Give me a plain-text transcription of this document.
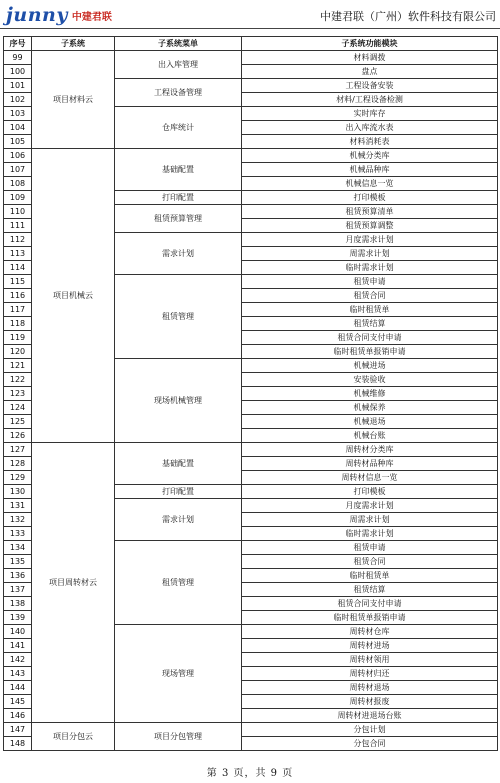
junny 中建君联	中建君联（广州）软件科技有限公司
序号	子系统	子系统菜单	子系统功能模块
99	项目材料云	出入库管理	材料调拨
100			盘点
101		工程设备管理	工程设备安装
102			材料/工程设备检测
103		仓库统计	实时库存
104			出入库流水表
105			材料消耗表
106	项目机械云	基础配置	机械分类库
107			机械品种库
108			机械信息一览
109		打印配置	打印模板
110		租赁预算管理	租赁预算清单
111			租赁预算调整
112		需求计划	月度需求计划
113			周需求计划
114			临时需求计划
115		租赁管理	租赁申请
116			租赁合同
117			临时租赁单
118			租赁结算
119			租赁合同支付申请
120			临时租赁单报销申请
121		现场机械管理	机械进场
122			安装验收
123			机械维修
124			机械保养
125			机械退场
126			机械台账
127	项目周转材云	基础配置	周转材分类库
128			周转材品种库
129			周转材信息一览
130		打印配置	打印模板
131		需求计划	月度需求计划
132			周需求计划
133			临时需求计划
134		租赁管理	租赁申请
135			租赁合同
136			临时租赁单
137			租赁结算
138			租赁合同支付申请
139			临时租赁单报销申请
140		现场管理	周转材仓库
141			周转材进场
142			周转材领用
143			周转材归还
144			周转材退场
145			周转材报废
146			周转材进退场台账
147	项目分包云	项目分包管理	分包计划
148			分包合同
第 3 页，共 9 页
